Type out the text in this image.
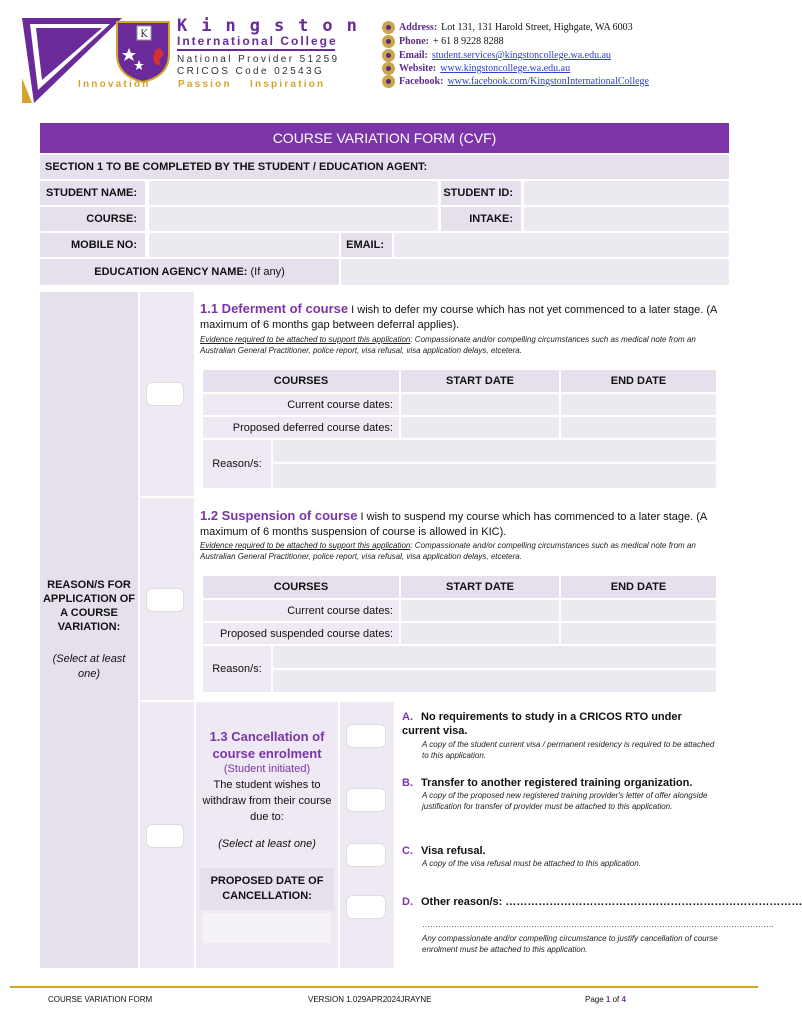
K Kingston
International College
National Provider 51259
CRICOS Code 02543G
Innovation	Passion Inspiration
Address: Lot 131, 131 Harold Street, Highgate, WA 6003
Phone: + 61 8 9228 8288
Email: student.services@kingstoncollege.wa.edu.au
Website: www.kingstoncollege.wa.edu.au
Facebook: www.facebook.com/KingstonInternationalCollege
COURSE VARIATION FORM (CVF)
SECTION 1 TO BE COMPLETED BY THE STUDENT / EDUCATION AGENT:
STUDENT NAME:	STUDENT ID:
COURSE:	INTAKE:
MOBILE NO:	EMAIL:
EDUCATION AGENCY NAME:
(If any)
REASON/S FOR APPLICATION OF A COURSE VARIATION:
(Select at least one)
1.1 Deferment of course I wish to defer my course which has not yet commenced to a later stage. (A maximum of 6 months gap between deferral applies).
Evidence required to be attached to support this application: Compassionate and/or compelling circumstances such as medical note from an Australian General Practitioner, police report, visa refusal, visa application delays, etcetera.
COURSES	START DATE	END DATE
Current course dates:
Proposed deferred course dates:
Reason/s:
1.2 Suspension of course I wish to suspend my course which has commenced to a later stage. (A maximum of 6 months suspension of course is allowed in KIC).
Evidence required to be attached to support this application: Compassionate and/or compelling circumstances such as medical note from an Australian General Practitioner, police report, visa refusal, visa application delays, etcetera.
COURSES	START DATE	END DATE
Current course dates:
Proposed suspended course dates:
Reason/s:
1.3 Cancellation of course enrolment
(Student initiated)
The student wishes to withdraw from their course due to:
(Select at least one)
PROPOSED DATE OF CANCELLATION:
A. No requirements to study in a CRICOS RTO under current visa.
A copy of the student current visa / permanent residency is required to be attached to this application.
B. Transfer to another registered training organization.
A copy of the proposed new registered training provider's letter of offer alongside justification for transfer of provider must be attached to this application.
C. Visa refusal.
A copy of the visa refusal must be attached to this application.
D. Other reason/s: ………………………………………………………………………
……………………………………………………………………………………………………………………
Any compassionate and/or compelling circumstance to justify cancellation of course enrolment must be attached to this application.
COURSE VARIATION FORM	VERSION 1.029APR2024JRAYNE	Page 1 of 4
